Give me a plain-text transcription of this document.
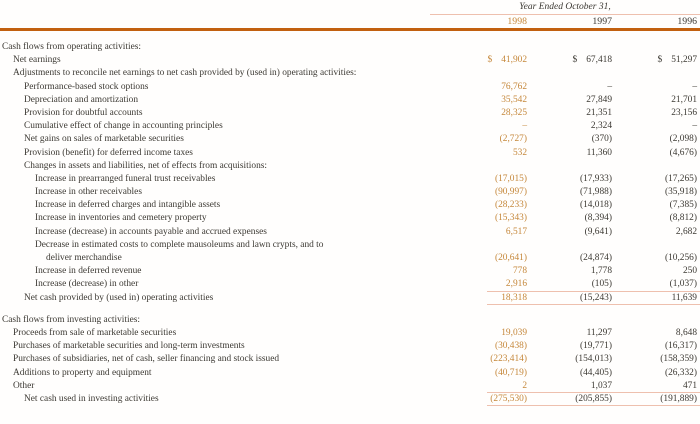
Year Ended October 31,
1998	1997	1996
Cash flows from operating activities:
Net earnings	$ 41,902	$ 67,418	$ 51,297
Adjustments to reconcile net earnings to net cash provided by (used in) operating activities:
Performance-based stock options	76,762	–	–
Depreciation and amortization	35,542	27,849	21,701
Provision for doubtful accounts	28,325	21,351	23,156
Cumulative effect of change in accounting principles	–	2,324	–
Net gains on sales of marketable securities	(2,727)	(370)	(2,098)
Provision (benefit) for deferred income taxes	532	11,360	(4,676)
Changes in assets and liabilities, net of effects from acquisitions:
Increase in prearranged funeral trust receivables	(17,015)	(17,933)	(17,265)
Increase in other receivables	(90,997)	(71,988)	(35,918)
Increase in deferred charges and intangible assets	(28,233)	(14,018)	(7,385)
Increase in inventories and cemetery property	(15,343)	(8,394)	(8,812)
Increase (decrease) in accounts payable and accrued expenses	6,517	(9,641)	2,682
Decrease in estimated costs to complete mausoleums and lawn crypts, and to
deliver merchandise	(20,641)	(24,874)	(10,256)
Increase in deferred revenue	778	1,778	250
Increase (decrease) in other	2,916	(105)	(1,037)
Net cash provided by (used in) operating activities	18,318	(15,243)	11,639
Cash flows from investing activities:
Proceeds from sale of marketable securities	19,039	11,297	8,648
Purchases of marketable securities and long-term investments	(30,438)	(19,771)	(16,317)
Purchases of subsidiaries, net of cash, seller financing and stock issued	(223,414)	(154,013)	(158,359)
Additions to property and equipment	(40,719)	(44,405)	(26,332)
Other	2	1,037	471
Net cash used in investing activities	(275,530)	(205,855)	(191,889)
